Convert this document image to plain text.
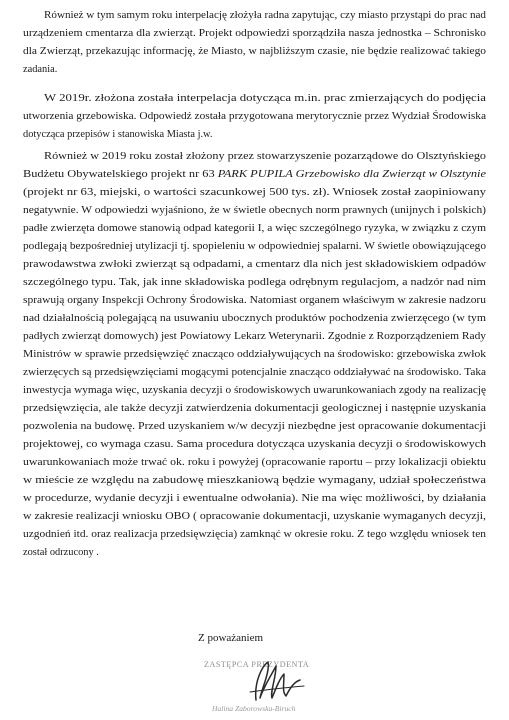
Z poważaniem

ZASTĘPCA PREZYDENTA

Halina Zaborowska-Biruch

Również w tym samym roku interpelację złożyła radna zapytując, czy miasto przystąpi do prac nad

urządzeniem cmentarza dla zwierząt. Projekt odpowiedzi sporządziła nasza jednostka – Schronisko

dla Zwierząt, przekazując informację, że Miasto, w najbliższym czasie, nie będzie realizować takiego

zadania.

W 2019r. złożona została interpelacja dotycząca m.in. prac zmierzających do podjęcia

utworzenia grzebowiska. Odpowiedź została przygotowana merytorycznie przez Wydział Środowiska

dotycząca przepisów i stanowiska Miasta j.w.

Również w 2019 roku został złożony przez stowarzyszenie pozarządowe do Olsztyńskiego

Budżetu Obywatelskiego projekt nr 63 PARK PUPILA Grzebowisko dla Zwierząt w Olsztynie

(projekt nr 63, miejski, o wartości szacunkowej 500 tys. zł). Wniosek został zaopiniowany

negatywnie. W odpowiedzi wyjaśniono, że w świetle obecnych norm prawnych (unijnych i polskich)

padłe zwierzęta domowe stanowią odpad kategorii I, a więc szczególnego ryzyka, w związku z czym

podlegają bezpośredniej utylizacji tj. spopieleniu w odpowiedniej spalarni. W świetle obowiązującego

prawodawstwa zwłoki zwierząt są odpadami, a cmentarz dla nich jest składowiskiem odpadów

szczególnego typu. Tak, jak inne składowiska podlega odrębnym regulacjom, a nadzór nad nim

sprawują organy Inspekcji Ochrony Środowiska. Natomiast organem właściwym w zakresie nadzoru

nad działalnością polegającą na usuwaniu ubocznych produktów pochodzenia zwierzęcego (w tym

padłych zwierząt domowych) jest Powiatowy Lekarz Weterynarii. Zgodnie z Rozporządzeniem Rady

Ministrów w sprawie przedsięwzięć znacząco oddziaływujących na środowisko: grzebowiska zwłok

zwierzęcych są przedsięwzięciami mogącymi potencjalnie znacząco oddziaływać na środowisko. Taka

inwestycja wymaga więc, uzyskania decyzji o środowiskowych uwarunkowaniach zgody na realizację

przedsięwzięcia, ale także decyzji zatwierdzenia dokumentacji geologicznej i następnie uzyskania

pozwolenia na budowę. Przed uzyskaniem w/w decyzji niezbędne jest opracowanie dokumentacji

projektowej, co wymaga czasu. Sama procedura dotycząca uzyskania decyzji o środowiskowych

uwarunkowaniach może trwać ok. roku i powyżej (opracowanie raportu – przy lokalizacji obiektu

w mieście ze względu na zabudowę mieszkaniową będzie wymagany, udział społeczeństwa

w procedurze, wydanie decyzji i ewentualne odwołania). Nie ma więc możliwości, by działania

w zakresie realizacji wniosku OBO ( opracowanie dokumentacji, uzyskanie wymaganych decyzji,

uzgodnień itd. oraz realizacja przedsięwzięcia) zamknąć w okresie roku. Z tego względu wniosek ten

został odrzucony .
